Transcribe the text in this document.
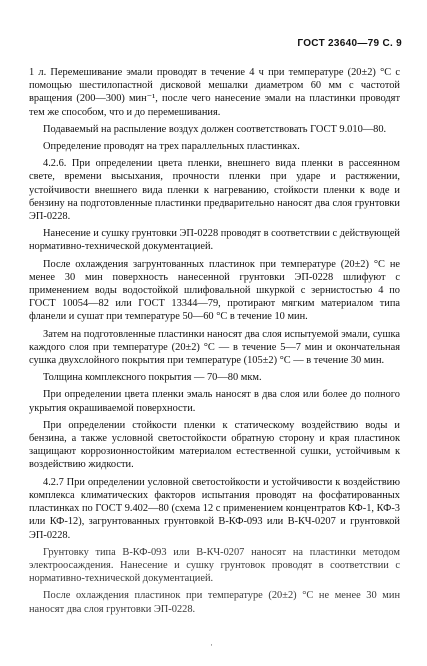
ГОСТ 23640—79 С. 9

1 л. Перемешивание эмали проводят в течение 4 ч при температуре (20±2) °С с помощью шестилопастной дисковой мешалки диаметром 60 мм с частотой вращения (200—300) мин⁻¹, после чего нанесение эмали на пластинки проводят тем же способом, что и до перемешивания.

Подаваемый на распыление воздух должен соответствовать ГОСТ 9.010—80.

Определение проводят на трех параллельных пластинках.

4.2.6. При определении цвета пленки, внешнего вида пленки в рассеянном свете, времени высыхания, прочности пленки при ударе и растяжении, устойчивости внешнего вида пленки к нагреванию, стойкости пленки к воде и бензину на подготовленные пластинки предварительно наносят два слоя грунтовки ЭП-0228.

Нанесение и сушку грунтовки ЭП-0228 проводят в соответствии с действующей нормативно-технической документацией.

После охлаждения загрунтованных пластинок при температуре (20±2) °С не менее 30 мин поверхность нанесенной грунтовки ЭП-0228 шлифуют с применением воды водостойкой шлифовальной шкуркой с зернистостью 4 по ГОСТ 10054—82 или ГОСТ 13344—79, протирают мягким материалом типа фланели и сушат при температуре 50—60 °С в течение 10 мин.

Затем на подготовленные пластинки наносят два слоя испытуемой эмали, сушка каждого слоя при температуре (20±2) °С — в течение 5—7 мин и окончательная сушка двухслойного покрытия при температуре (105±2) °С — в течение 30 мин.

Толщина комплексного покрытия — 70—80 мкм.

При определении цвета пленки эмаль наносят в два слоя или более до полного укрытия окрашиваемой поверхности.

При определении стойкости пленки к статическому воздействию воды и бензина, а также условной светостойкости обратную сторону и края пластинок защищают коррозионностойким материалом естественной сушки, устойчивым к воздействию жидкости.

4.2.7 При определении условной светостойкости и устойчивости к воздействию комплекса климатических факторов испытания проводят на фосфатированных пластинках по ГОСТ 9.402—80 (схема 12 с применением концентратов КФ-1, КФ-3 или КФ-12), загрунтованных грунтовкой В-КФ-093 или В-КЧ-0207 и грунтовкой ЭП-0228.

Грунтовку типа В-КФ-093 или В-КЧ-0207 наносят на пластинки методом электроосаждения. Нанесение и сушку грунтовок проводят в соответствии с нормативно-технической документацией.

После охлаждения пластинок при температуре (20±2) °С не менее 30 мин наносят два слоя грунтовки ЭП-0228.

·
